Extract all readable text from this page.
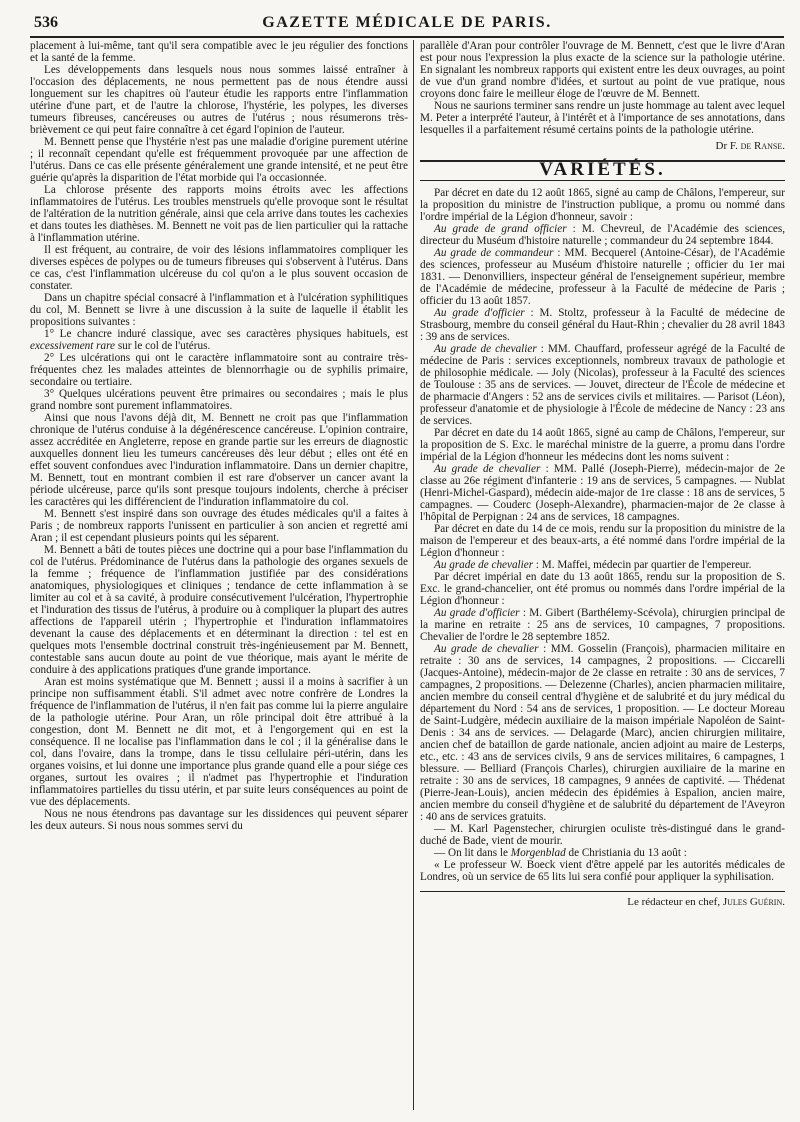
536	GAZETTE MÉDICALE DE PARIS.

placement à lui-même, tant qu'il sera compatible avec le jeu régulier des fonctions et la santé de la femme.

Les développements dans lesquels nous nous sommes laissé entraîner à l'occasion des déplacements, ne nous permettent pas de nous étendre aussi longuement sur les chapitres où l'auteur étudie les rapports entre l'inflammation utérine d'une part, et de l'autre la chlorose, l'hystérie, les polypes, les diverses tumeurs fibreuses, cancéreuses ou autres de l'utérus ; nous résumerons très-brièvement ce qui peut faire connaître à cet égard l'opinion de l'auteur.

M. Bennett pense que l'hystérie n'est pas une maladie d'origine purement utérine ; il reconnaît cependant qu'elle est fréquemment provoquée par une affection de l'utérus. Dans ce cas elle présente généralement une grande intensité, et ne peut être guérie qu'après la disparition de l'état morbide qui l'a occasionnée.

La chlorose présente des rapports moins étroits avec les affections inflammatoires de l'utérus. Les troubles menstruels qu'elle provoque sont le résultat de l'altération de la nutrition générale, ainsi que cela arrive dans toutes les cachexies et dans toutes les diathèses. M. Bennett ne voit pas de lien particulier qui la rattache à l'inflammation utérine.

Il est fréquent, au contraire, de voir des lésions inflammatoires compliquer les diverses espèces de polypes ou de tumeurs fibreuses qui s'observent à l'utérus. Dans ce cas, c'est l'inflammation ulcéreuse du col qu'on a le plus souvent occasion de constater.

Dans un chapitre spécial consacré à l'inflammation et à l'ulcération syphilitiques du col, M. Bennett se livre à une discussion à la suite de laquelle il établit les propositions suivantes :

1° Le chancre induré classique, avec ses caractères physiques habituels, est excessivement rare sur le col de l'utérus.

2° Les ulcérations qui ont le caractère inflammatoire sont au contraire très-fréquentes chez les malades atteintes de blennorrhagie ou de syphilis primaire, secondaire ou tertiaire.

3° Quelques ulcérations peuvent être primaires ou secondaires ; mais le plus grand nombre sont purement inflammatoires.

Ainsi que nous l'avons déjà dit, M. Bennett ne croit pas que l'inflammation chronique de l'utérus conduise à la dégénérescence cancéreuse. L'opinion contraire, assez accréditée en Angleterre, repose en grande partie sur les erreurs de diagnostic auxquelles donnent lieu les tumeurs cancéreuses dès leur début ; elles ont été en effet souvent confondues avec l'induration inflammatoire. Dans un dernier chapitre, M. Bennett, tout en montrant combien il est rare d'observer un cancer avant la période ulcéreuse, parce qu'ils sont presque toujours indolents, cherche à préciser les caractères qui les différencient de l'induration inflammatoire du col.

M. Bennett s'est inspiré dans son ouvrage des études médicales qu'il a faites à Paris ; de nombreux rapports l'unissent en particulier à son ancien et regretté ami Aran ; il est cependant plusieurs points qui les séparent.

M. Bennett a bâti de toutes pièces une doctrine qui a pour base l'inflammation du col de l'utérus. Prédominance de l'utérus dans la pathologie des organes sexuels de la femme ; fréquence de l'inflammation justifiée par des considérations anatomiques, physiologiques et cliniques ; tendance de cette inflammation à se limiter au col et à sa cavité, à produire consécutivement l'ulcération, l'hypertrophie et l'induration des tissus de l'utérus, à produire ou à compliquer la plupart des autres affections de l'appareil utérin ; l'hypertrophie et l'induration inflammatoires devenant la cause des déplacements et en déterminant la direction : tel est en quelques mots l'ensemble doctrinal construit très-ingénieusement par M. Bennett, contestable sans aucun doute au point de vue théorique, mais ayant le mérite de conduire à des applications pratiques d'une grande importance.

Aran est moins systématique que M. Bennett ; aussi il a moins à sacrifier à un principe non suffisamment établi. S'il admet avec notre confrère de Londres la fréquence de l'inflammation de l'utérus, il n'en fait pas comme lui la pierre angulaire de la pathologie utérine. Pour Aran, un rôle principal doit être attribué à la congestion, dont M. Bennett ne dit mot, et à l'engorgement qui en est la conséquence. Il ne localise pas l'inflammation dans le col ; il la généralise dans le col, dans l'ovaire, dans la trompe, dans le tissu cellulaire péri-utérin, dans les organes voisins, et lui donne une importance plus grande quand elle a pour siége ces organes, surtout les ovaires ; il n'admet pas l'hypertrophie et l'induration inflammatoires partielles du tissu utérin, et par suite leurs conséquences au point de vue des déplacements.

Nous ne nous étendrons pas davantage sur les dissidences qui peuvent séparer les deux auteurs. Si nous nous sommes servi du

parallèle d'Aran pour contrôler l'ouvrage de M. Bennett, c'est que le livre d'Aran est pour nous l'expression la plus exacte de la science sur la pathologie utérine. En signalant les nombreux rapports qui existent entre les deux ouvrages, au point de vue d'un grand nombre d'idées, et surtout au point de vue pratique, nous croyons donc faire le meilleur éloge de l'œuvre de M. Bennett.

Nous ne saurions terminer sans rendre un juste hommage au talent avec lequel M. Peter a interprété l'auteur, à l'intérêt et à l'importance de ses annotations, dans lesquelles il a parfaitement résumé certains points de la pathologie utérine.

Dr F. de Ranse.
VARIÉTÉS.

Par décret en date du 12 août 1865, signé au camp de Châlons, l'empereur, sur la proposition du ministre de l'instruction publique, a promu ou nommé dans l'ordre impérial de la Légion d'honneur, savoir :

Au grade de grand officier : M. Chevreul, de l'Académie des sciences, directeur du Muséum d'histoire naturelle ; commandeur du 24 septembre 1844.

Au grade de commandeur : MM. Becquerel (Antoine-César), de l'Académie des sciences, professeur au Muséum d'histoire naturelle ; officier du 1er mai 1831. — Denonvilliers, inspecteur général de l'enseignement supérieur, membre de l'Académie de médecine, professeur à la Faculté de médecine de Paris ; officier du 13 août 1857.

Au grade d'officier : M. Stoltz, professeur à la Faculté de médecine de Strasbourg, membre du conseil général du Haut-Rhin ; chevalier du 28 avril 1843 : 39 ans de services.

Au grade de chevalier : MM. Chauffard, professeur agrégé de la Faculté de médecine de Paris : services exceptionnels, nombreux travaux de pathologie et de philosophie médicale. — Joly (Nicolas), professeur à la Faculté des sciences de Toulouse : 35 ans de services. — Jouvet, directeur de l'École de médecine et de pharmacie d'Angers : 52 ans de services civils et militaires. — Parisot (Léon), professeur d'anatomie et de physiologie à l'École de médecine de Nancy : 23 ans de services.

Par décret en date du 14 août 1865, signé au camp de Châlons, l'empereur, sur la proposition de S. Exc. le maréchal ministre de la guerre, a promu dans l'ordre impérial de la Légion d'honneur les médecins dont les noms suivent :

Au grade de chevalier : MM. Pallé (Joseph-Pierre), médecin-major de 2e classe au 26e régiment d'infanterie : 19 ans de services, 5 campagnes. — Nublat (Henri-Michel-Gaspard), médecin aide-major de 1re classe : 18 ans de services, 5 campagnes. — Couderc (Joseph-Alexandre), pharmacien-major de 2e classe à l'hôpital de Perpignan : 24 ans de services, 18 campagnes.

Par décret en date du 14 de ce mois, rendu sur la proposition du ministre de la maison de l'empereur et des beaux-arts, a été nommé dans l'ordre impérial de la Légion d'honneur :

Au grade de chevalier : M. Maffei, médecin par quartier de l'empereur.

Par décret impérial en date du 13 août 1865, rendu sur la proposition de S. Exc. le grand-chancelier, ont été promus ou nommés dans l'ordre impérial de la Légion d'honneur :

Au grade d'officier : M. Gibert (Barthélemy-Scévola), chirurgien principal de la marine en retraite : 25 ans de services, 10 campagnes, 7 propositions. Chevalier de l'ordre le 28 septembre 1852.

Au grade de chevalier : MM. Gosselin (François), pharmacien militaire en retraite : 30 ans de services, 14 campagnes, 2 propositions. — Ciccarelli (Jacques-Antoine), médecin-major de 2e classe en retraite : 30 ans de services, 7 campagnes, 2 propositions. — Delezenne (Charles), ancien pharmacien militaire, ancien membre du conseil central d'hygiène et de salubrité et du jury médical du département du Nord : 54 ans de services, 1 proposition. — Le docteur Moreau de Saint-Ludgère, médecin auxiliaire de la maison impériale Napoléon de Saint-Denis : 34 ans de services. — Delagarde (Marc), ancien chirurgien militaire, ancien chef de bataillon de garde nationale, ancien adjoint au maire de Lesterps, etc., etc. : 43 ans de services civils, 9 ans de services militaires, 6 campagnes, 1 blessure. — Belliard (François Charles), chirurgien auxiliaire de la marine en retraite : 30 ans de services, 18 campagnes, 9 années de captivité. — Thédenat (Pierre-Jean-Louis), ancien médecin des épidémies à Espalion, ancien maire, ancien membre du conseil d'hygiène et de salubrité du département de l'Aveyron : 40 ans de services gratuits.

— M. Karl Pagenstecher, chirurgien oculiste très-distingué dans le grand-duché de Bade, vient de mourir.

— On lit dans le Morgenblad de Christiania du 13 août :

« Le professeur W. Boeck vient d'être appelé par les autorités médicales de Londres, où un service de 65 lits lui sera confié pour appliquer la syphilisation.

Le rédacteur en chef, Jules Guérin.
